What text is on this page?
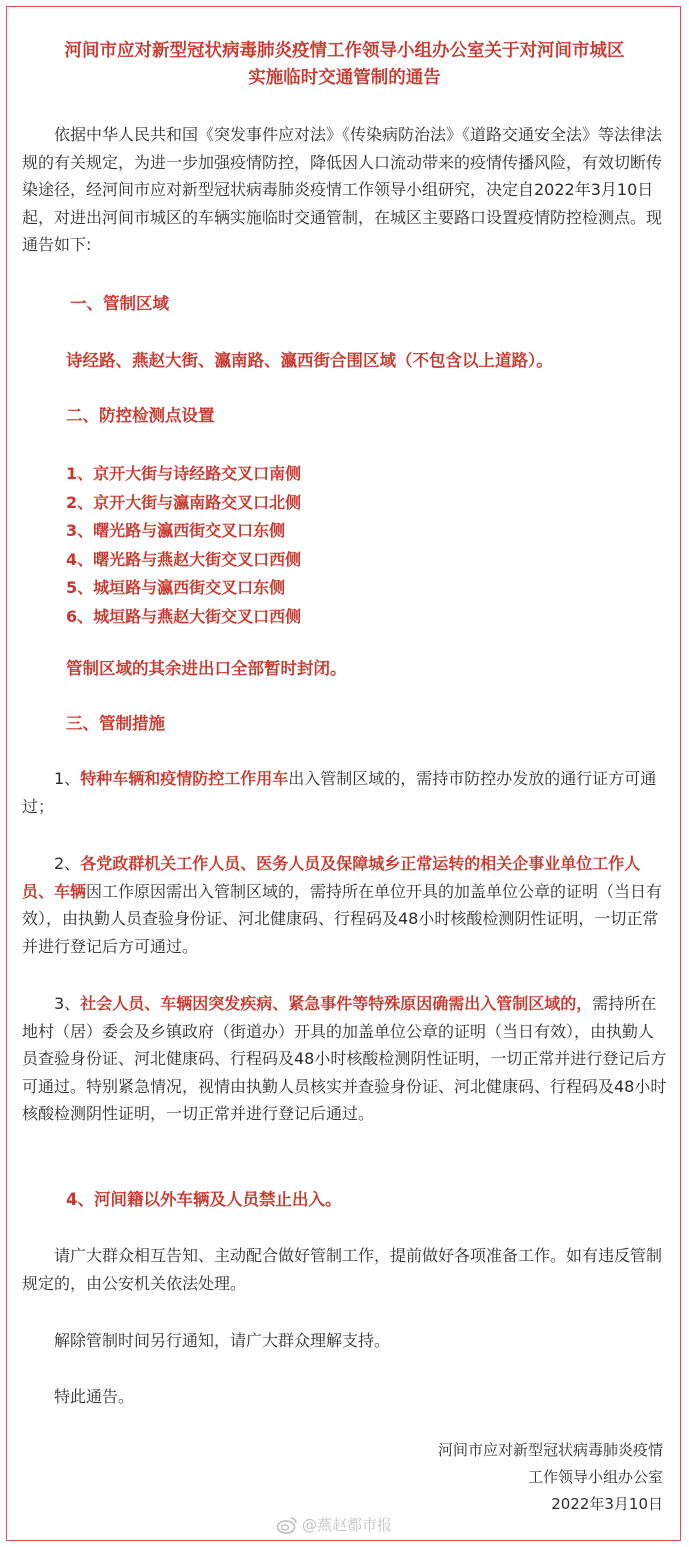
河间市应对新型冠状病毒肺炎疫情工作领导小组办公室关于对河间市城区
实施临时交通管制的通告

依据中华人民共和国《突发事件应对法》《传染病防治法》《道路交通安全法》等法律法规的有关规定，为进一步加强疫情防控，降低因人口流动带来的疫情传播风险，有效切断传染途径，经河间市应对新型冠状病毒肺炎疫情工作领导小组研究，决定自2022年3月10日起，对进出河间市城区的车辆实施临时交通管制，在城区主要路口设置疫情防控检测点。现通告如下:

一、管制区域
诗经路、燕赵大街、瀛南路、瀛西街合围区域（不包含以上道路）。
二、防控检测点设置
1、京开大街与诗经路交叉口南侧
2、京开大街与瀛南路交叉口北侧
3、曙光路与瀛西街交叉口东侧
4、曙光路与燕赵大街交叉口西侧
5、城垣路与瀛西街交叉口东侧
6、城垣路与燕赵大街交叉口西侧
管制区域的其余进出口全部暂时封闭。
三、管制措施

1、特种车辆和疫情防控工作用车出入管制区域的，需持市防控办发放的通行证方可通过；

2、各党政群机关工作人员、医务人员及保障城乡正常运转的相关企事业单位工作人员、车辆因工作原因需出入管制区域的，需持所在单位开具的加盖单位公章的证明（当日有效），由执勤人员查验身份证、河北健康码、行程码及48小时核酸检测阴性证明，一切正常并进行登记后方可通过。

3、社会人员、车辆因突发疾病、紧急事件等特殊原因确需出入管制区域的，需持所在地村（居）委会及乡镇政府（街道办）开具的加盖单位公章的证明（当日有效），由执勤人员查验身份证、河北健康码、行程码及48小时核酸检测阴性证明，一切正常并进行登记后方可通过。特别紧急情况，视情由执勤人员核实并查验身份证、河北健康码、行程码及48小时核酸检测阴性证明，一切正常并进行登记后通过。

4、河间籍以外车辆及人员禁止出入。

请广大群众相互告知、主动配合做好管制工作，提前做好各项准备工作。如有违反管制规定的，由公安机关依法处理。

解除管制时间另行通知，请广大群众理解支持。

特此通告。

河间市应对新型冠状病毒肺炎疫情
工作领导小组办公室
2022年3月10日
@燕赵都市报
